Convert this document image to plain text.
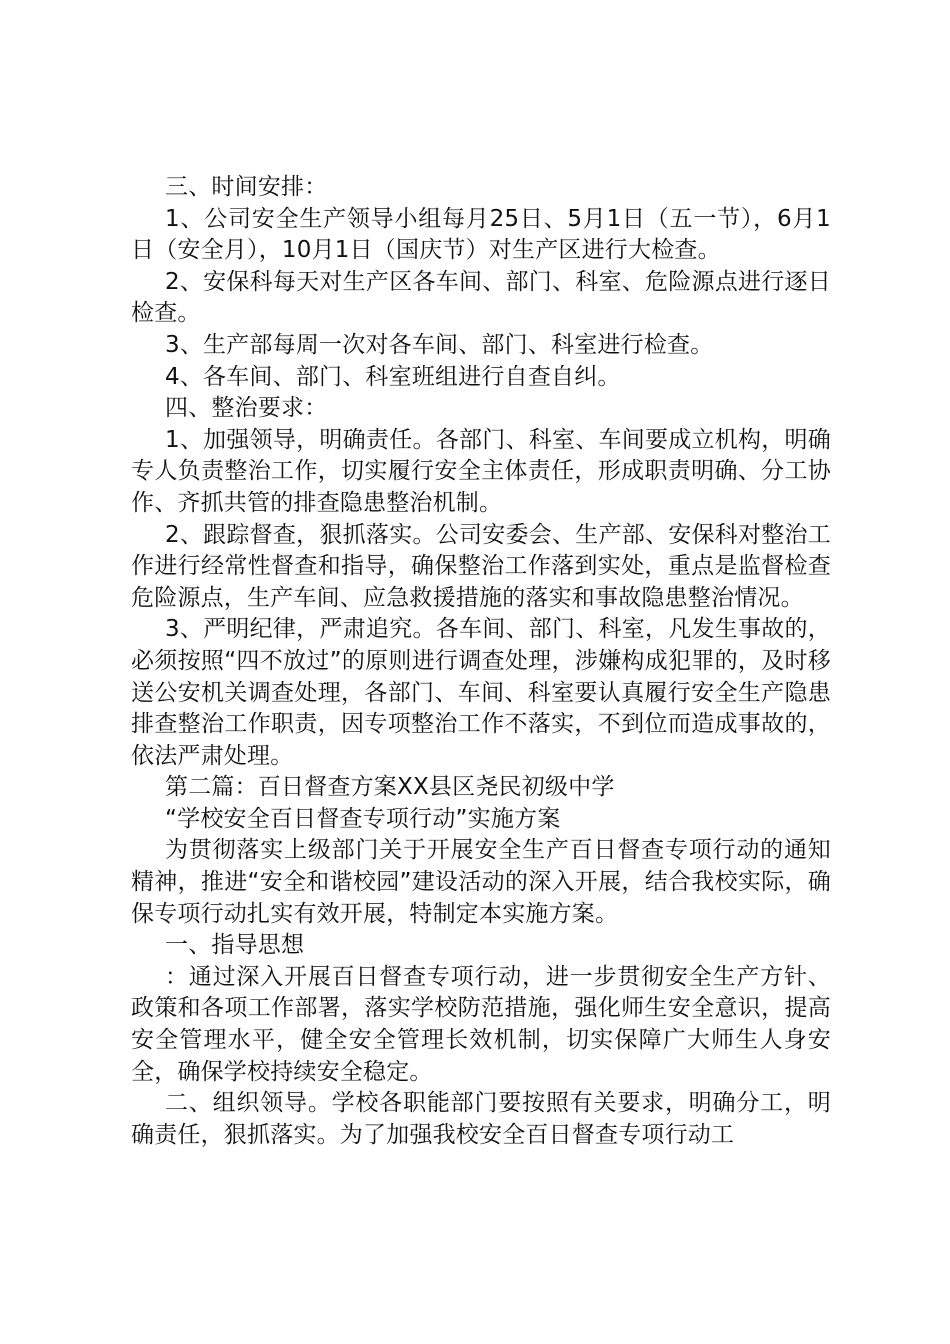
三、时间安排：

1、公司安全生产领导小组每月25日、5月1日（五一节），6月1日（安全月），10月1日（国庆节）对生产区进行大检查。

2、安保科每天对生产区各车间、部门、科室、危险源点进行逐日检查。

3、生产部每周一次对各车间、部门、科室进行检查。

4、各车间、部门、科室班组进行自查自纠。

四、整治要求：

1、加强领导，明确责任。各部门、科室、车间要成立机构，明确专人负责整治工作，切实履行安全主体责任，形成职责明确、分工协作、齐抓共管的排查隐患整治机制。

2、跟踪督查，狠抓落实。公司安委会、生产部、安保科对整治工作进行经常性督查和指导，确保整治工作落到实处，重点是监督检查危险源点，生产车间、应急救援措施的落实和事故隐患整治情况。

3、严明纪律，严肃追究。各车间、部门、科室，凡发生事故的，必须按照“四不放过”的原则进行调查处理，涉嫌构成犯罪的，及时移送公安机关调查处理，各部门、车间、科室要认真履行安全生产隐患排查整治工作职责，因专项整治工作不落实，不到位而造成事故的，依法严肃处理。

第二篇：百日督查方案XX县区尧民初级中学

“学校安全百日督查专项行动”实施方案

为贯彻落实上级部门关于开展安全生产百日督查专项行动的通知精神，推进“安全和谐校园”建设活动的深入开展，结合我校实际，确保专项行动扎实有效开展，特制定本实施方案。

一、指导思想

：通过深入开展百日督查专项行动，进一步贯彻安全生产方针、政策和各项工作部署，落实学校防范措施，强化师生安全意识，提高安全管理水平，健全安全管理长效机制，切实保障广大师生人身安全，确保学校持续安全稳定。

二、组织领导。学校各职能部门要按照有关要求，明确分工，明确责任，狠抓落实。为了加强我校安全百日督查专项行动工
